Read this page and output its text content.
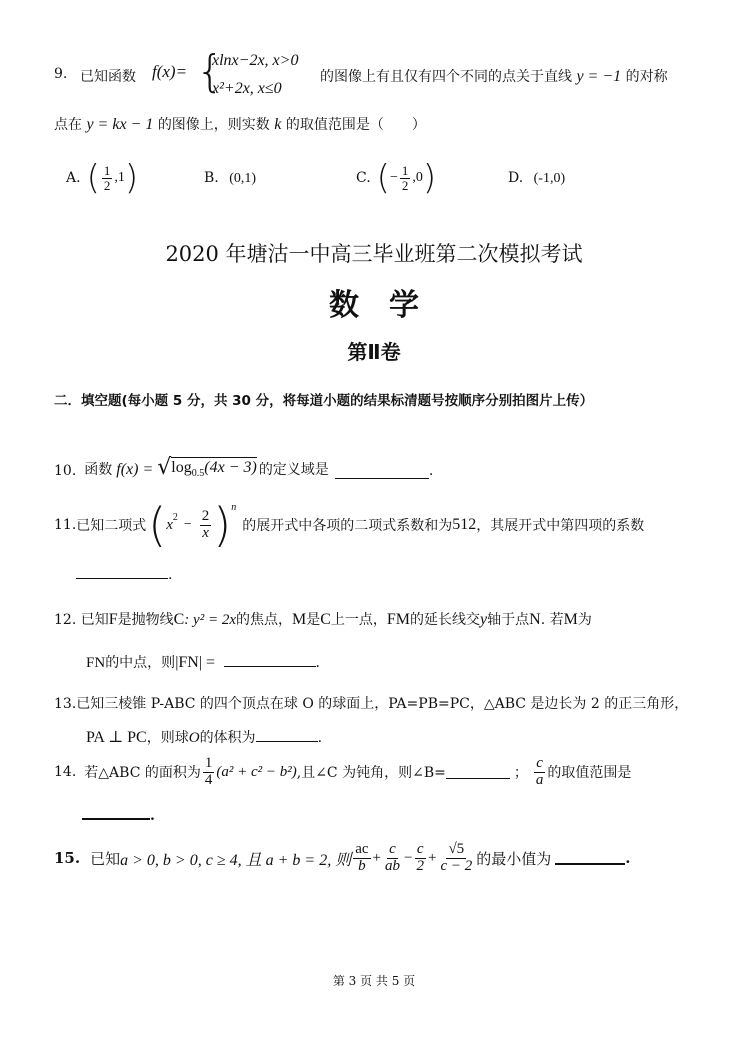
9. 已知函数 f(x)= {
xlnx−2x, x>0
x²+2x, x≤0
的图像上有且仅有四个不同的点关于直线 y = −1 的对称
点在 y = kx − 1 的图像上，则实数 k 的取值范围是（　　）
A. ( $\frac{1}{2} ,1$ )	B. (0,1)	C. ( − $\frac{1}{2} ,0$ )	D. (-1,0)
2020 年塘沽一中高三毕业班第二次模拟考试
数　学
第Ⅱ卷
二．填空题(每小题 5 分，共 30 分，将每道小题的结果标清题号按顺序分别拍图片上传）
10. 函数 f(x) = √ $\log_{0.5}(4x - 3)$ 的定义域是	.
11. 已知二项式 ( $x^2 - \frac{2}{x} )^n$
的展开式中各项的二项式系数和为 512 ，其展开式中第四项的系数
.
12. 已知F是抛物线C: y² = 2x的焦点，M是C上一点，FM的延长线交y轴于点N. 若M为
FN的中点，则|FN| =	.
13.已知三棱锥 P-ABC 的四个顶点在球 O 的球面上，PA=PB=PC，△ABC 是边长为 2 的正三角形，
PA ⊥ PC，则球O的体积为	.
14. 若△ABC 的面积为 $\frac{1}{4} (a^2 + c^2 - b^2)$ ,且∠C 为钝角，则∠B=	； $\frac{c}{a}$ 的取值范围是
.
15. 已知 a > 0, b > 0, c ≥ 4, 且 a + b = 2, 则 $\frac{ac}{b} + \frac{c}{ab} - \frac{c}{2} + \frac{√5}{c - 2}$ 的最小值为	.
第 3 页 共 5 页
